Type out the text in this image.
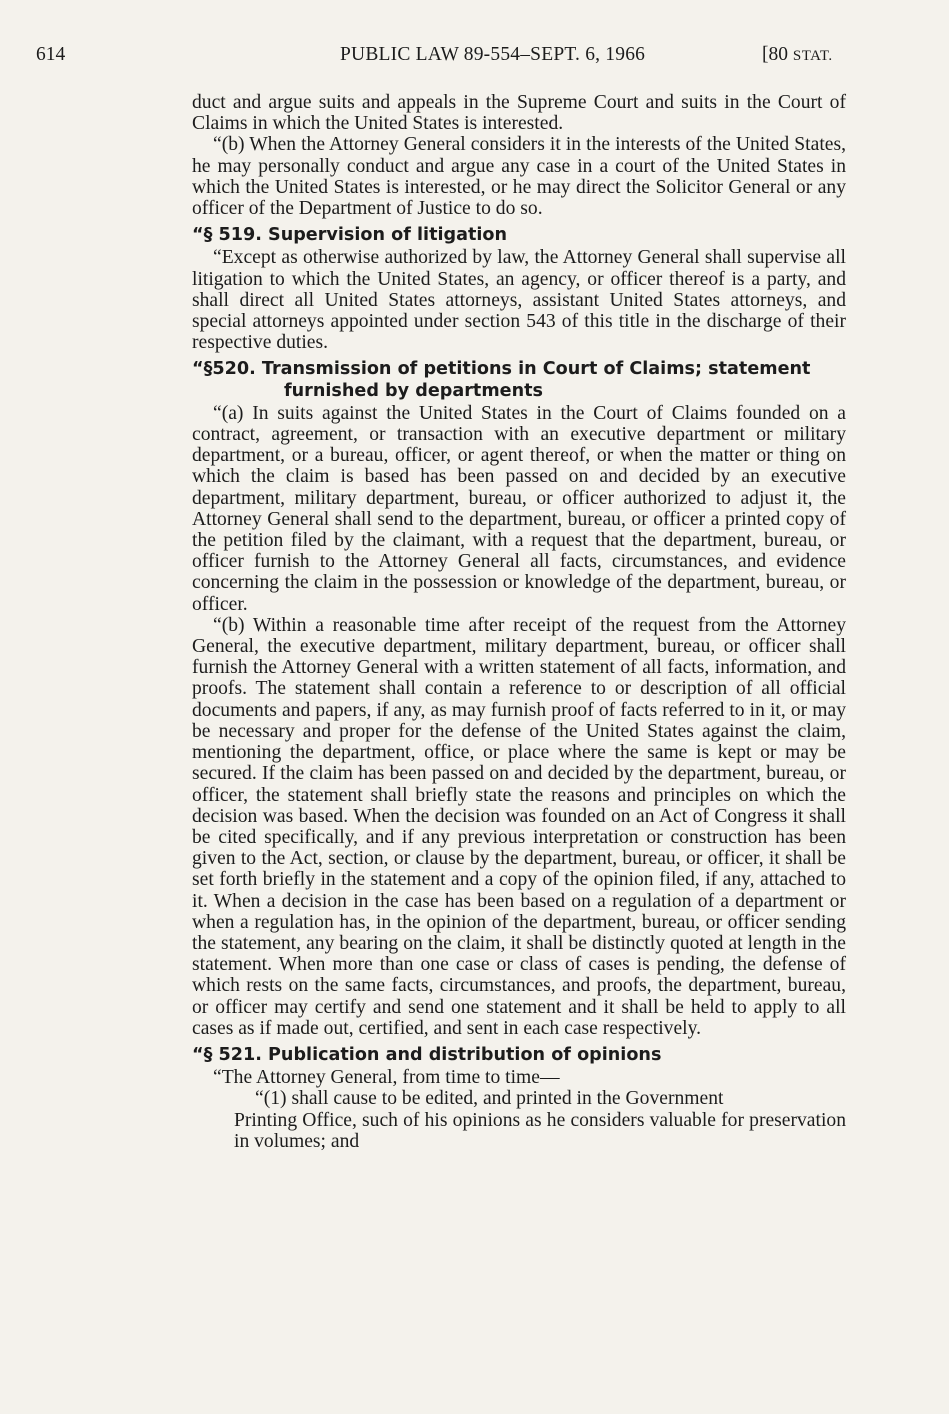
614	PUBLIC LAW 89-554–SEPT. 6, 1966	[80 STAT.

duct and argue suits and appeals in the Supreme Court and suits in the Court of Claims in which the United States is interested.

“(b) When the Attorney General considers it in the interests of the United States, he may personally conduct and argue any case in a court of the United States in which the United States is interested, or he may direct the Solicitor General or any officer of the Department of Justice to do so.

“§ 519. Supervision of litigation

“Except as otherwise authorized by law, the Attorney General shall supervise all litigation to which the United States, an agency, or officer thereof is a party, and shall direct all United States attorneys, assistant United States attorneys, and special attorneys appointed under section 543 of this title in the discharge of their respective duties.

“§520. Transmission of petitions in Court of Claims; statement furnished by departments

“(a) In suits against the United States in the Court of Claims founded on a contract, agreement, or transaction with an executive department or military department, or a bureau, officer, or agent thereof, or when the matter or thing on which the claim is based has been passed on and decided by an executive department, military department, bureau, or officer authorized to adjust it, the Attorney General shall send to the department, bureau, or officer a printed copy of the petition filed by the claimant, with a request that the department, bureau, or officer furnish to the Attorney General all facts, circumstances, and evidence concerning the claim in the possession or knowledge of the department, bureau, or officer.

“(b) Within a reasonable time after receipt of the request from the Attorney General, the executive department, military department, bureau, or officer shall furnish the Attorney General with a written statement of all facts, information, and proofs. The statement shall contain a reference to or description of all official documents and papers, if any, as may furnish proof of facts referred to in it, or may be necessary and proper for the defense of the United States against the claim, mentioning the department, office, or place where the same is kept or may be secured. If the claim has been passed on and decided by the department, bureau, or officer, the statement shall briefly state the reasons and principles on which the decision was based. When the decision was founded on an Act of Congress it shall be cited specifically, and if any previous interpretation or construction has been given to the Act, section, or clause by the department, bureau, or officer, it shall be set forth briefly in the statement and a copy of the opinion filed, if any, attached to it. When a decision in the case has been based on a regulation of a department or when a regulation has, in the opinion of the department, bureau, or officer sending the statement, any bearing on the claim, it shall be distinctly quoted at length in the statement. When more than one case or class of cases is pending, the defense of which rests on the same facts, circumstances, and proofs, the department, bureau, or officer may certify and send one statement and it shall be held to apply to all cases as if made out, certified, and sent in each case respectively.

“§ 521. Publication and distribution of opinions

“The Attorney General, from time to time—

“(1) shall cause to be edited, and printed in the Government
Printing Office, such of his opinions as he considers valuable for preservation in volumes; and
